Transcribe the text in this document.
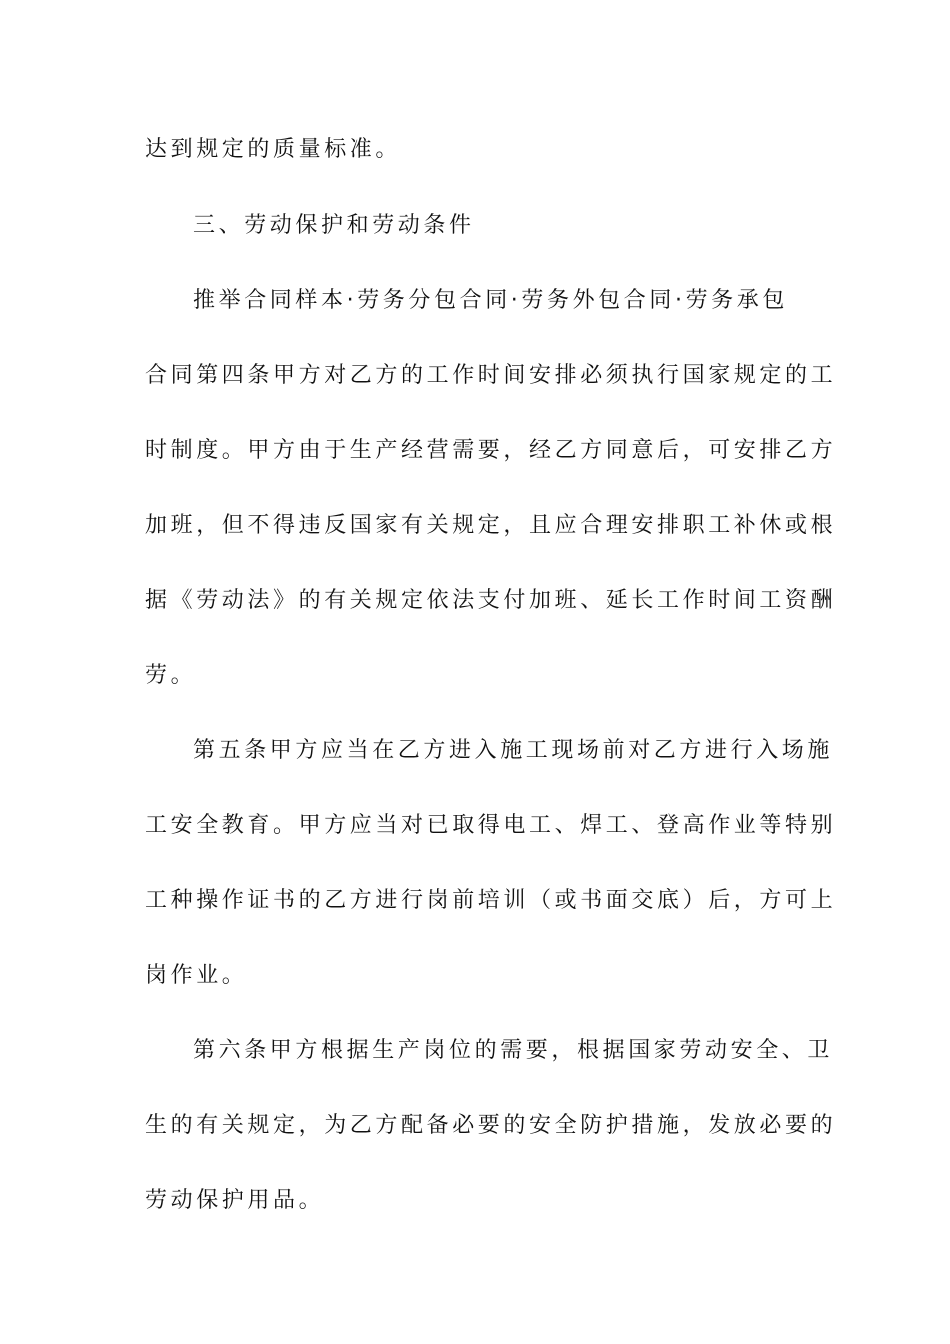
达到规定的质量标准。
三、劳动保护和劳动条件
推举合同样本·劳务分包合同·劳务外包合同·劳务承包
合同第四条甲方对乙方的工作时间安排必须执行国家规定的工
时制度。甲方由于生产经营需要，经乙方同意后，可安排乙方
加班，但不得违反国家有关规定，且应合理安排职工补休或根
据《劳动法》的有关规定依法支付加班、延长工作时间工资酬
劳。
第五条甲方应当在乙方进入施工现场前对乙方进行入场施
工安全教育。甲方应当对已取得电工、焊工、登高作业等特别
工种操作证书的乙方进行岗前培训（或书面交底）后，方可上
岗作业。
第六条甲方根据生产岗位的需要，根据国家劳动安全、卫
生的有关规定，为乙方配备必要的安全防护措施，发放必要的
劳动保护用品。
